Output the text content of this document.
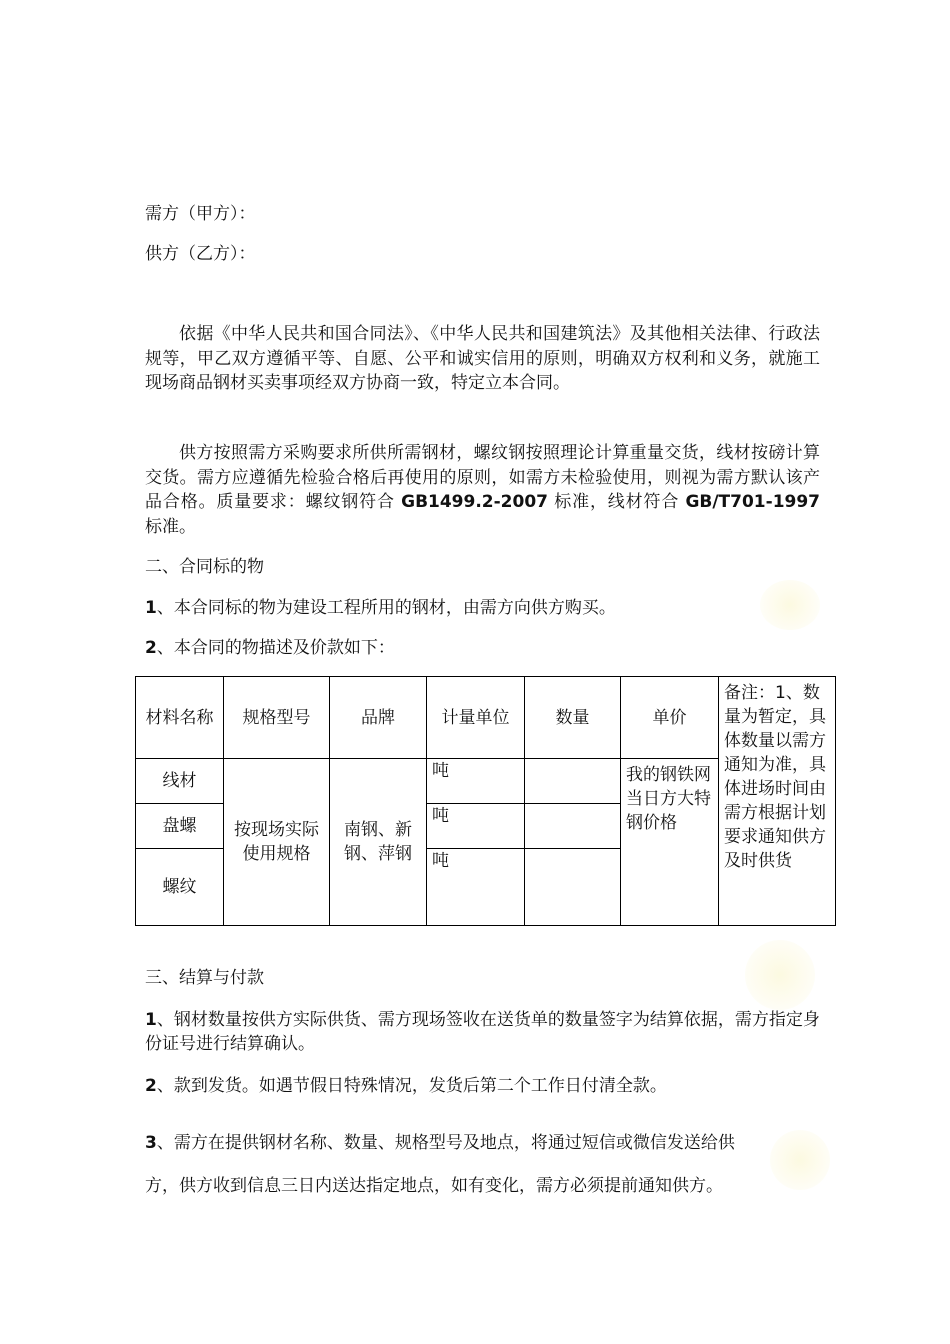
需方（甲方）：
供方（乙方）：
依据《中华人民共和国合同法》、《中华人民共和国建筑法》及其他相关法律、行政法规等，甲乙双方遵循平等、自愿、公平和诚实信用的原则，明确双方权利和义务，就施工现场商品钢材买卖事项经双方协商一致，特定立本合同。
供方按照需方采购要求所供所需钢材，螺纹钢按照理论计算重量交货，线材按磅计算交货。需方应遵循先检验合格后再使用的原则，如需方未检验使用，则视为需方默认该产品合格。质量要求：螺纹钢符合 GB1499.2-2007 标准，线材符合 GB/T701-1997 标准。
二、合同标的物
1、本合同标的物为建设工程所用的钢材，由需方向供方购买。
2、本合同的物描述及价款如下：
材料名称	规格型号	品牌	计量单位	数量	单价	备注：1、数量为暂定，具体数量以需方通知为准，具体进场时间由需方根据计划要求通知供方及时供货
线材	按现场实际使用规格	南钢、新钢、萍钢	吨		我的钢铁网当日方大特钢价格	
盘螺			吨			
螺纹			吨			
三、结算与付款
1、钢材数量按供方实际供货、需方现场签收在送货单的数量签字为结算依据，需方指定身份证号进行结算确认。
2、款到发货。如遇节假日特殊情况，发货后第二个工作日付清全款。
3、需方在提供钢材名称、数量、规格型号及地点，将通过短信或微信发送给供
方，供方收到信息三日内送达指定地点，如有变化，需方必须提前通知供方。
